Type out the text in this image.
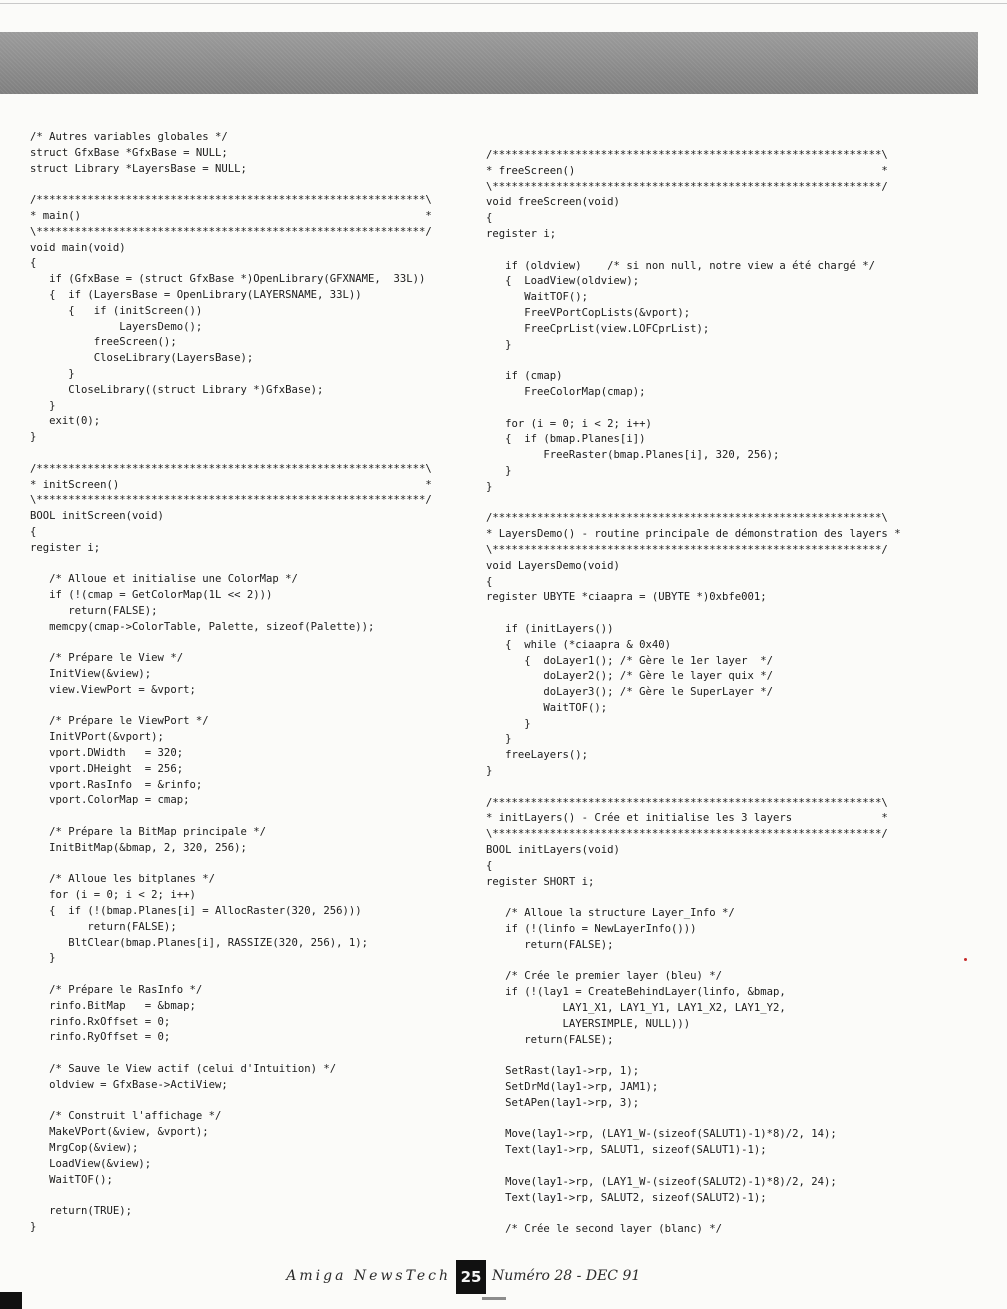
/* Autres variables globales */
struct GfxBase *GfxBase = NULL;
struct Library *LayersBase = NULL;

/*************************************************************\
* main()                                                      *
\*************************************************************/
void main(void)
{
if (GfxBase = (struct GfxBase *)OpenLibrary(GFXNAME,  33L))
{  if (LayersBase = OpenLibrary(LAYERSNAME, 33L))
{   if (initScreen())
LayersDemo();
freeScreen();
CloseLibrary(LayersBase);
}
CloseLibrary((struct Library *)GfxBase);
}
exit(0);
}

/*************************************************************\
* initScreen()                                                *
\*************************************************************/
BOOL initScreen(void)
{
register i;

/* Alloue et initialise une ColorMap */
if (!(cmap = GetColorMap(1L << 2)))
return(FALSE);
memcpy(cmap->ColorTable, Palette, sizeof(Palette));

/* Prépare le View */
InitView(&view);
view.ViewPort = &vport;

/* Prépare le ViewPort */
InitVPort(&vport);
vport.DWidth   = 320;
vport.DHeight  = 256;
vport.RasInfo  = &rinfo;
vport.ColorMap = cmap;

/* Prépare la BitMap principale */
InitBitMap(&bmap, 2, 320, 256);

/* Alloue les bitplanes */
for (i = 0; i < 2; i++)
{  if (!(bmap.Planes[i] = AllocRaster(320, 256)))
return(FALSE);
BltClear(bmap.Planes[i], RASSIZE(320, 256), 1);
}

/* Prépare le RasInfo */
rinfo.BitMap   = &bmap;
rinfo.RxOffset = 0;
rinfo.RyOffset = 0;

/* Sauve le View actif (celui d'Intuition) */
oldview = GfxBase->ActiView;

/* Construit l'affichage */
MakeVPort(&view, &vport);
MrgCop(&view);
LoadView(&view);
WaitTOF();

return(TRUE);
}
/*************************************************************\
* freeScreen()                                                *
\*************************************************************/
void freeScreen(void)
{
register i;

if (oldview)    /* si non null, notre view a été chargé */
{  LoadView(oldview);
WaitTOF();
FreeVPortCopLists(&vport);
FreeCprList(view.LOFCprList);
}

if (cmap)
FreeColorMap(cmap);

for (i = 0; i < 2; i++)
{  if (bmap.Planes[i])
FreeRaster(bmap.Planes[i], 320, 256);
}
}

/*************************************************************\
* LayersDemo() - routine principale de démonstration des layers *
\*************************************************************/
void LayersDemo(void)
{
register UBYTE *ciaapra = (UBYTE *)0xbfe001;

if (initLayers())
{  while (*ciaapra & 0x40)
{  doLayer1(); /* Gère le 1er layer  */
doLayer2(); /* Gère le layer quix */
doLayer3(); /* Gère le SuperLayer */
WaitTOF();
}
}
freeLayers();
}

/*************************************************************\
* initLayers() - Crée et initialise les 3 layers              *
\*************************************************************/
BOOL initLayers(void)
{
register SHORT i;

/* Alloue la structure Layer_Info */
if (!(linfo = NewLayerInfo()))
return(FALSE);

/* Crée le premier layer (bleu) */
if (!(lay1 = CreateBehindLayer(linfo, &bmap,
LAY1_X1, LAY1_Y1, LAY1_X2, LAY1_Y2,
LAYERSIMPLE, NULL)))
return(FALSE);

SetRast(lay1->rp, 1);
SetDrMd(lay1->rp, JAM1);
SetAPen(lay1->rp, 3);

Move(lay1->rp, (LAY1_W-(sizeof(SALUT1)-1)*8)/2, 14);
Text(lay1->rp, SALUT1, sizeof(SALUT1)-1);

Move(lay1->rp, (LAY1_W-(sizeof(SALUT2)-1)*8)/2, 24);
Text(lay1->rp, SALUT2, sizeof(SALUT2)-1);

/* Crée le second layer (blanc) */
Amiga NewsTech 25 Numéro 28 - DEC 91
